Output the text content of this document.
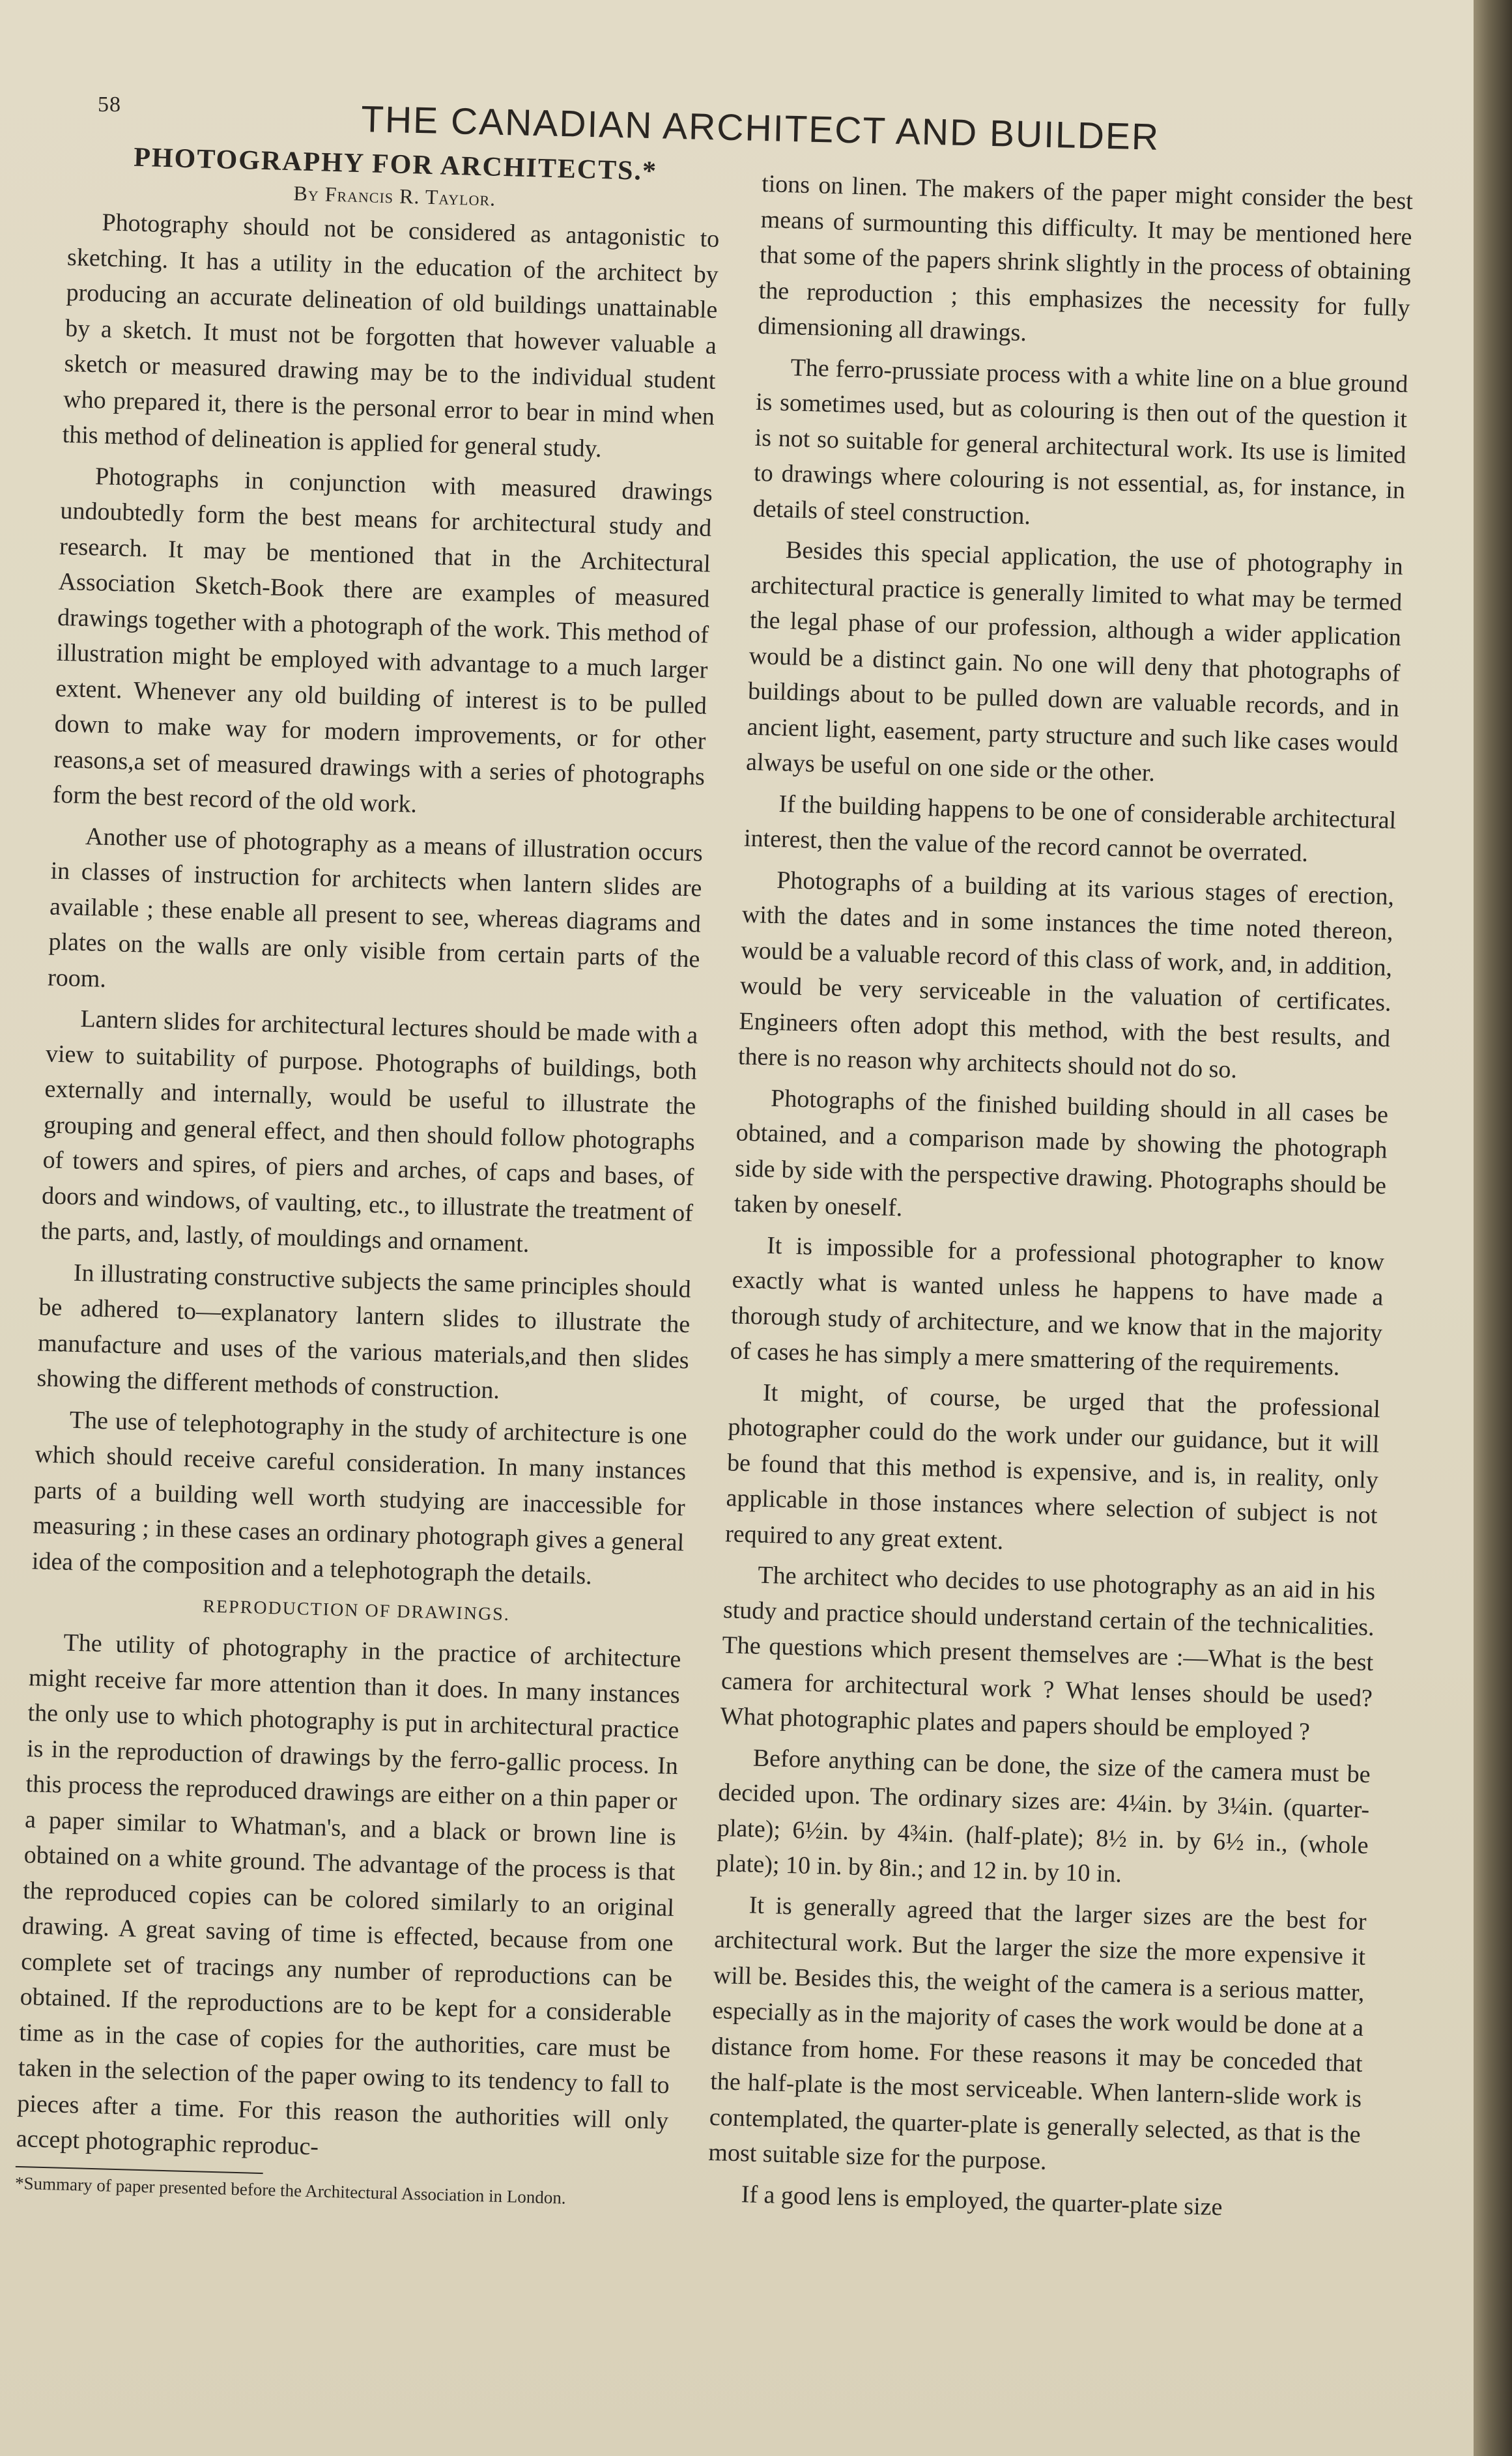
58	THE CANADIAN ARCHITECT AND BUILDER
PHOTOGRAPHY FOR ARCHITECTS.*
By Francis R. Taylor.

Photography should not be considered as antagonistic to sketching. It has a utility in the education of the architect by producing an accurate delineation of old buildings unattainable by a sketch. It must not be forgotten that however valuable a sketch or measured drawing may be to the individual student who prepared it, there is the personal error to bear in mind when this method of delineation is applied for general study.

Photographs in conjunction with measured drawings undoubtedly form the best means for architectural study and research. It may be mentioned that in the Architectural Association Sketch-Book there are examples of measured drawings together with a photograph of the work. This method of illustration might be employed with advantage to a much larger extent. Whenever any old building of interest is to be pulled down to make way for modern improvements, or for other reasons,a set of measured drawings with a series of photographs form the best record of the old work.

Another use of photography as a means of illustration occurs in classes of instruction for architects when lantern slides are available ; these enable all present to see, whereas diagrams and plates on the walls are only visible from certain parts of the room.

Lantern slides for architectural lectures should be made with a view to suitability of purpose. Photographs of buildings, both externally and internally, would be useful to illustrate the grouping and general effect, and then should follow photographs of towers and spires, of piers and arches, of caps and bases, of doors and windows, of vaulting, etc., to illustrate the treatment of the parts, and, lastly, of mouldings and ornament.

In illustrating constructive subjects the same principles should be adhered to—explanatory lantern slides to illustrate the manufacture and uses of the various materials,and then slides showing the different methods of construction.

The use of telephotography in the study of architecture is one which should receive careful consideration. In many instances parts of a building well worth studying are inaccessible for measuring ; in these cases an ordinary photograph gives a general idea of the composition and a telephotograph the details.

REPRODUCTION OF DRAWINGS.

The utility of photography in the practice of architecture might receive far more attention than it does. In many instances the only use to which photography is put in architectural practice is in the reproduction of drawings by the ferro-gallic process. In this process the reproduced drawings are either on a thin paper or a paper similar to Whatman's, and a black or brown line is obtained on a white ground. The advantage of the process is that the reproduced copies can be colored similarly to an original drawing. A great saving of time is effected, because from one complete set of tracings any number of reproductions can be obtained. If the reproductions are to be kept for a considerable time as in the case of copies for the authorities, care must be taken in the selection of the paper owing to its tendency to fall to pieces after a time. For this reason the authorities will only accept photographic reproduc-

*Summary of paper presented before the Architectural Association in London.

tions on linen. The makers of the paper might consider the best means of surmounting this difficulty. It may be mentioned here that some of the papers shrink slightly in the process of obtaining the reproduction ; this emphasizes the necessity for fully dimensioning all drawings.

The ferro-prussiate process with a white line on a blue ground is sometimes used, but as colouring is then out of the question it is not so suitable for general architectural work. Its use is limited to drawings where colouring is not essential, as, for instance, in details of steel construction.

Besides this special application, the use of photography in architectural practice is generally limited to what may be termed the legal phase of our profession, although a wider application would be a distinct gain. No one will deny that photographs of buildings about to be pulled down are valuable records, and in ancient light, easement, party structure and such like cases would always be useful on one side or the other.

If the building happens to be one of considerable architectural interest, then the value of the record cannot be overrated.

Photographs of a building at its various stages of erection, with the dates and in some instances the time noted thereon, would be a valuable record of this class of work, and, in addition, would be very serviceable in the valuation of certificates. Engineers often adopt this method, with the best results, and there is no reason why architects should not do so.

Photographs of the finished building should in all cases be obtained, and a comparison made by showing the photograph side by side with the perspective drawing. Photographs should be taken by oneself.

It is impossible for a professional photographer to know exactly what is wanted unless he happens to have made a thorough study of architecture, and we know that in the majority of cases he has simply a mere smattering of the requirements.

It might, of course, be urged that the professional photographer could do the work under our guidance, but it will be found that this method is expensive, and is, in reality, only applicable in those instances where selection of subject is not required to any great extent.

The architect who decides to use photography as an aid in his study and practice should understand certain of the technicalities. The questions which present themselves are :—What is the best camera for architectural work ? What lenses should be used? What photographic plates and papers should be employed ?

Before anything can be done, the size of the camera must be decided upon. The ordinary sizes are: 4¼in. by 3¼in. (quarter-plate); 6½in. by 4¾in. (half-plate); 8½ in. by 6½ in., (whole plate); 10 in. by 8in.; and 12 in. by 10 in.

It is generally agreed that the larger sizes are the best for architectural work. But the larger the size the more expensive it will be. Besides this, the weight of the camera is a serious matter, especially as in the majority of cases the work would be done at a distance from home. For these reasons it may be conceded that the half-plate is the most serviceable. When lantern-slide work is contemplated, the quarter-plate is generally selected, as that is the most suitable size for the purpose.

If a good lens is employed, the quarter-plate size
